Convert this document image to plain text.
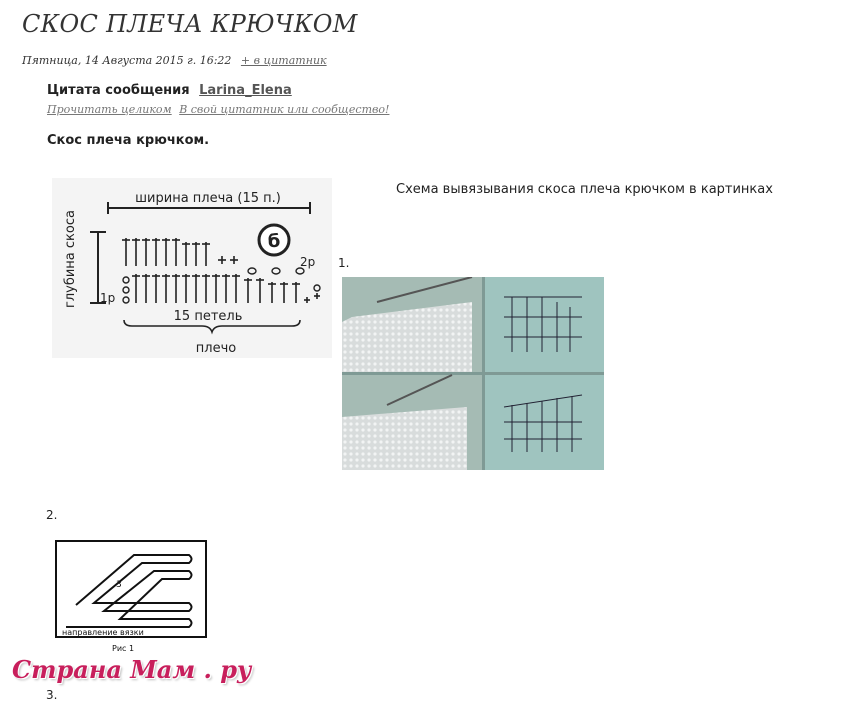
СКОС ПЛЕЧА КРЮЧКОМ
Пятница, 14 Августа 2015 г. 16:22 + в цитатник
Цитата сообщения Larina_Elena
Прочитать целиком В свой цитатник или сообщество!
Скос плеча крючком.
Схема вывязывания скоса плеча крючком в картинках
ширина плеча (15 п.)
глубина скоса	б
1р
2р
15 петель
плечо
1.
2.
3
направление вязки
Рис 1
3.
Страна Мам . ру
